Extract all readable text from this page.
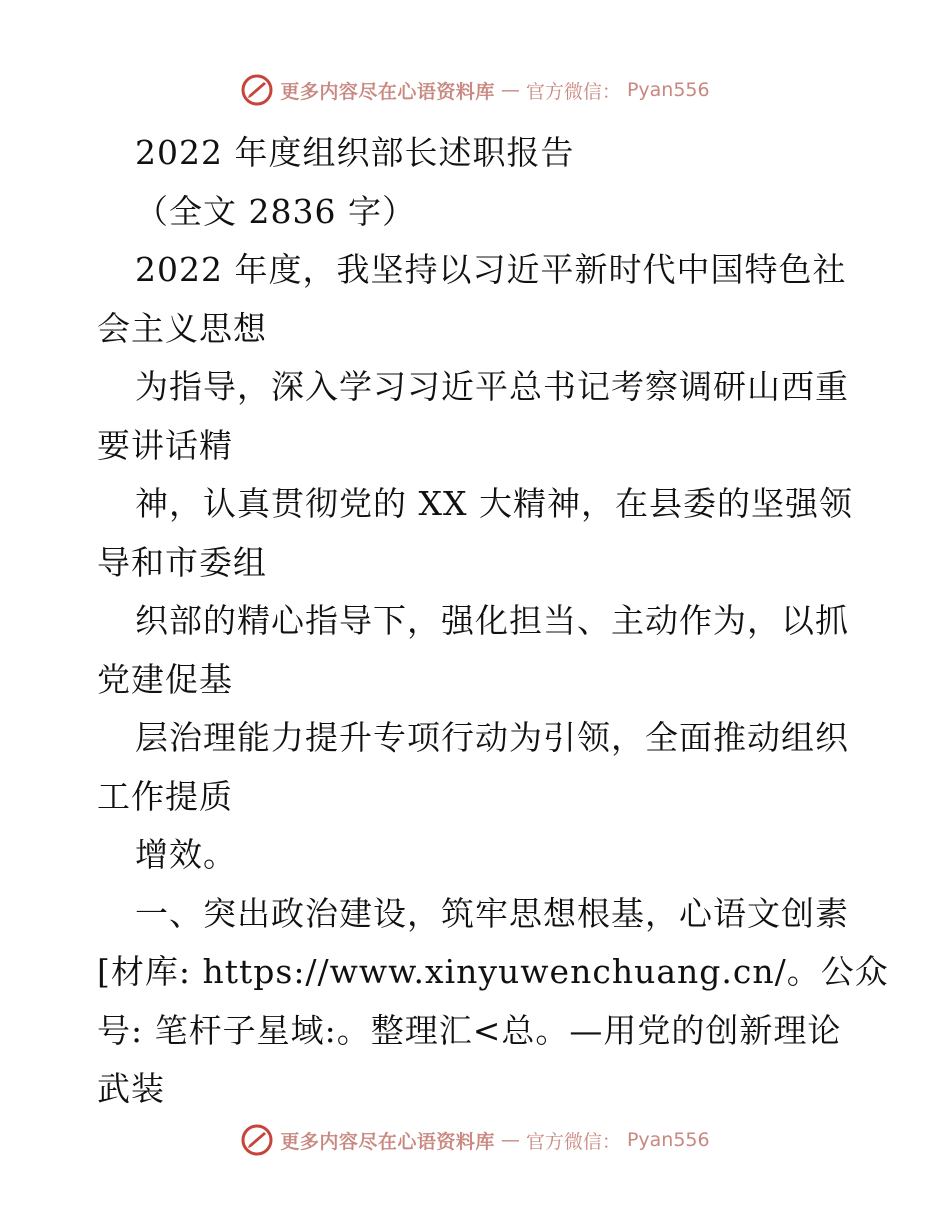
更多内容尽在心语资料库 — 官方微信： Pyan556
2022 年度组织部长述职报告
（全文 2836 字）
2022 年度，我坚持以习近平新时代中国特色社
会主义思想
为指导，深入学习习近平总书记考察调研山西重
要讲话精
神，认真贯彻党的 XX 大精神，在县委的坚强领
导和市委组
织部的精心指导下，强化担当、主动作为，以抓
党建促基
层治理能力提升专项行动为引领，全面推动组织
工作提质
增效。
一、突出政治建设，筑牢思想根基，心语文创素
[材库: https://www.xinyuwenchuang.cn/。公众
号: 笔杆子星域:。整理汇<总。—用党的创新理论
武装
更多内容尽在心语资料库 — 官方微信： Pyan556
